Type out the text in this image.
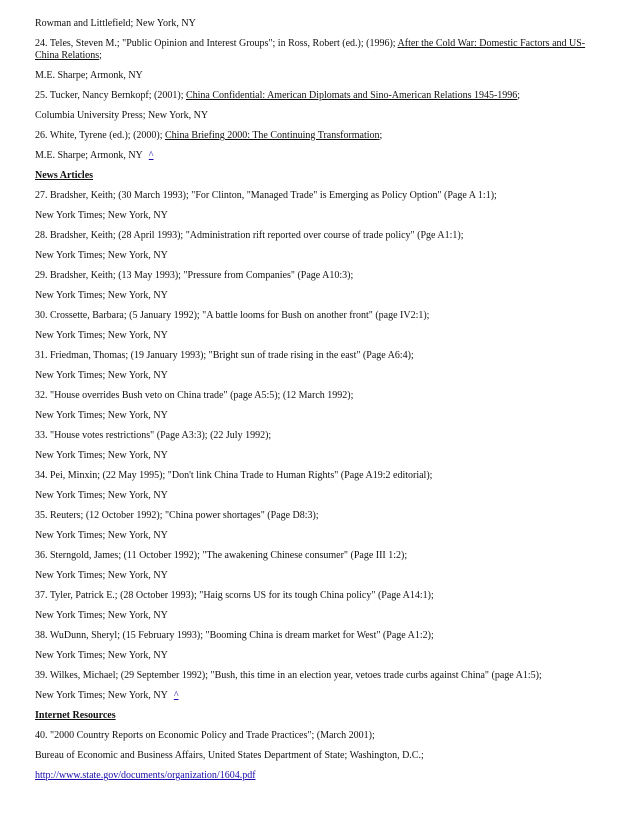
Rowman and Littlefield; New York, NY

24. Teles, Steven M.; "Public Opinion and Interest Groups"; in Ross, Robert (ed.); (1996); After the Cold War: Domestic Factors and US-China Relations;

M.E. Sharpe; Armonk, NY

25. Tucker, Nancy Bernkopf; (2001); China Confidential: American Diplomats and Sino-American Relations 1945-1996;

Columbia University Press; New York, NY

26. White, Tyrene (ed.); (2000); China Briefing 2000: The Continuing Transformation;

M.E. Sharpe; Armonk, NY ^

News Articles

27. Bradsher, Keith; (30 March 1993); "For Clinton, "Managed Trade" is Emerging as Policy Option" (Page A 1:1);

New York Times; New York, NY

28. Bradsher, Keith; (28 April 1993); "Administration rift reported over course of trade policy" (Pge A1:1);

New York Times; New York, NY

29. Bradsher, Keith; (13 May 1993); "Pressure from Companies" (Page A10:3);

New York Times; New York, NY

30. Crossette, Barbara; (5 January 1992); "A battle looms for Bush on another front" (page IV2:1);

New York Times; New York, NY

31. Friedman, Thomas; (19 January 1993); "Bright sun of trade rising in the east" (Page A6:4);

New York Times; New York, NY

32. "House overrides Bush veto on China trade" (page A5:5); (12 March 1992);

New York Times; New York, NY

33. "House votes restrictions" (Page A3:3); (22 July 1992);

New York Times; New York, NY

34. Pei, Minxin; (22 May 1995); "Don't link China Trade to Human Rights" (Page A19:2 editorial);

New York Times; New York, NY

35. Reuters; (12 October 1992); "China power shortages" (Page D8:3);

New York Times; New York, NY

36. Sterngold, James; (11 October 1992); "The awakening Chinese consumer" (Page III 1:2);

New York Times; New York, NY

37. Tyler, Patrick E.; (28 October 1993); "Haig scorns US for its tough China policy" (Page A14:1);

New York Times; New York, NY

38. WuDunn, Sheryl; (15 February 1993); "Booming China is dream market for West" (Page A1:2);

New York Times; New York, NY

39. Wilkes, Michael; (29 September 1992); "Bush, this time in an election year, vetoes trade curbs against China" (page A1:5);

New York Times; New York, NY ^

Internet Resources

40. "2000 Country Reports on Economic Policy and Trade Practices"; (March 2001);

Bureau of Economic and Business Affairs, United States Department of State; Washington, D.C.;

http://www.state.gov/documents/organization/1604.pdf
